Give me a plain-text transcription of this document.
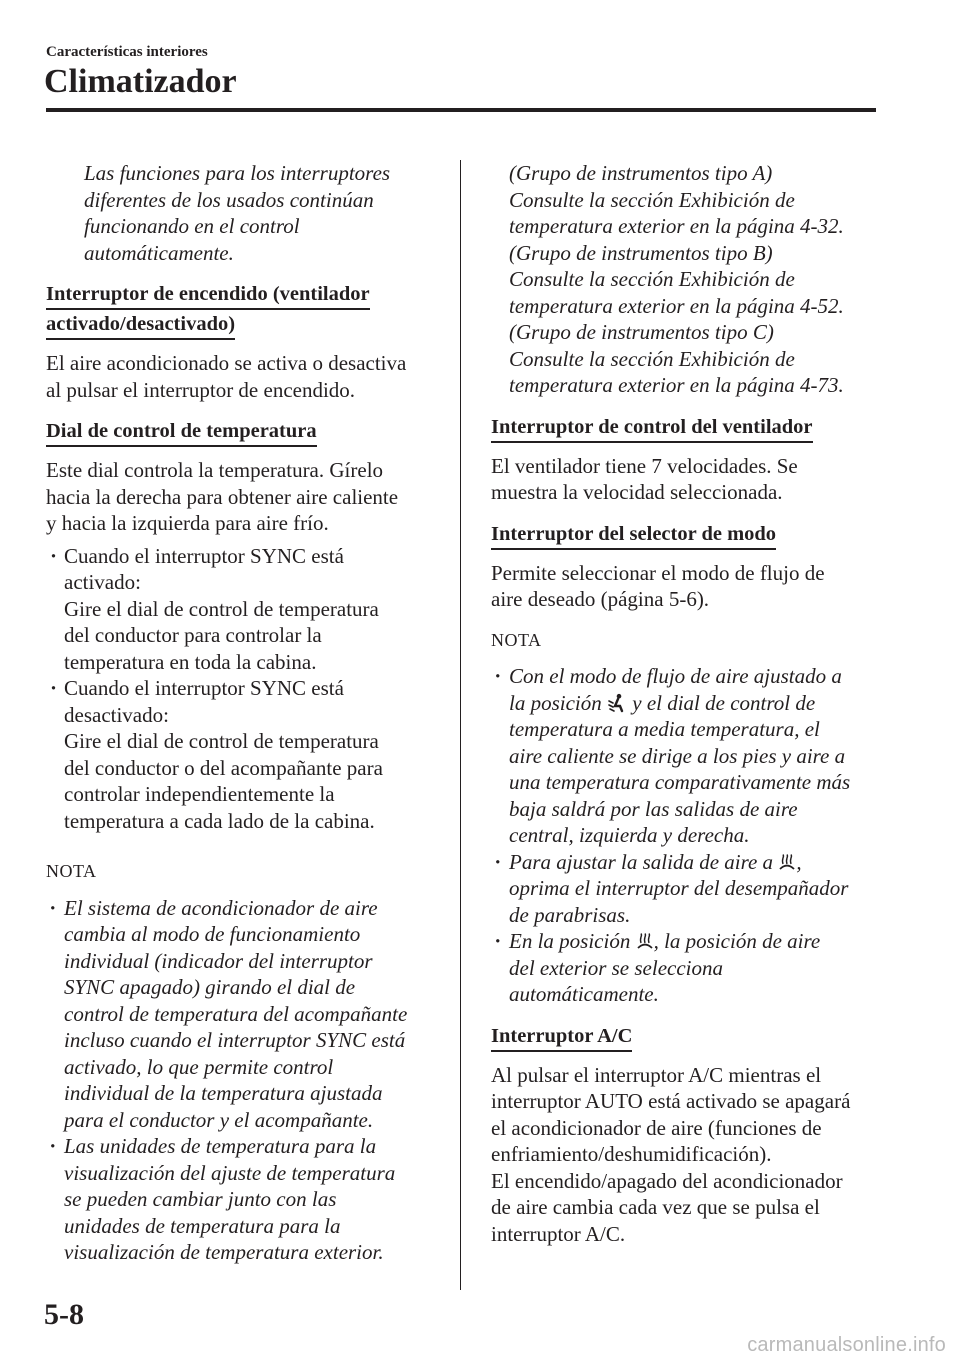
Características interiores
Climatizador

Las funciones para los interruptores
diferentes de los usados continúan
funcionando en el control
automáticamente.

Interruptor de encendido (ventilador
activado/desactivado)

El aire acondicionado se activa o desactiva
al pulsar el interruptor de encendido.

Dial de control de temperatura

Este dial controla la temperatura. Gírelo
hacia la derecha para obtener aire caliente
y hacia la izquierda para aire frío.

· Cuando el interruptor SYNC está
activado:
Gire el dial de control de temperatura
del conductor para controlar la
temperatura en toda la cabina.
· Cuando el interruptor SYNC está
desactivado:
Gire el dial de control de temperatura
del conductor o del acompañante para
controlar independientemente la
temperatura a cada lado de la cabina.

NOTA

· El sistema de acondicionador de aire
cambia al modo de funcionamiento
individual (indicador del interruptor
SYNC apagado) girando el dial de
control de temperatura del acompañante
incluso cuando el interruptor SYNC está
activado, lo que permite control
individual de la temperatura ajustada
para el conductor y el acompañante.
· Las unidades de temperatura para la
visualización del ajuste de temperatura
se pueden cambiar junto con las
unidades de temperatura para la
visualización de temperatura exterior.

(Grupo de instrumentos tipo A)
Consulte la sección Exhibición de
temperatura exterior en la página 4-32.
(Grupo de instrumentos tipo B)
Consulte la sección Exhibición de
temperatura exterior en la página 4-52.
(Grupo de instrumentos tipo C)
Consulte la sección Exhibición de
temperatura exterior en la página 4-73.

Interruptor de control del ventilador

El ventilador tiene 7 velocidades. Se
muestra la velocidad seleccionada.

Interruptor del selector de modo

Permite seleccionar el modo de flujo de
aire deseado (página 5-6).

NOTA

· Con el modo de flujo de aire ajustado a
la posición  y el dial de control de
temperatura a media temperatura, el
aire caliente se dirige a los pies y aire a
una temperatura comparativamente más
baja saldrá por las salidas de aire
central, izquierda y derecha.
· Para ajustar la salida de aire a ,
oprima el interruptor del desempañador
de parabrisas.
· En la posición , la posición de aire
del exterior se selecciona
automáticamente.
Interruptor A/C

Al pulsar el interruptor A/C mientras el
interruptor AUTO está activado se apagará
el acondicionador de aire (funciones de
enfriamiento/deshumidificación).
El encendido/apagado del acondicionador
de aire cambia cada vez que se pulsa el
interruptor A/C.

5-8
carmanualsonline.info
